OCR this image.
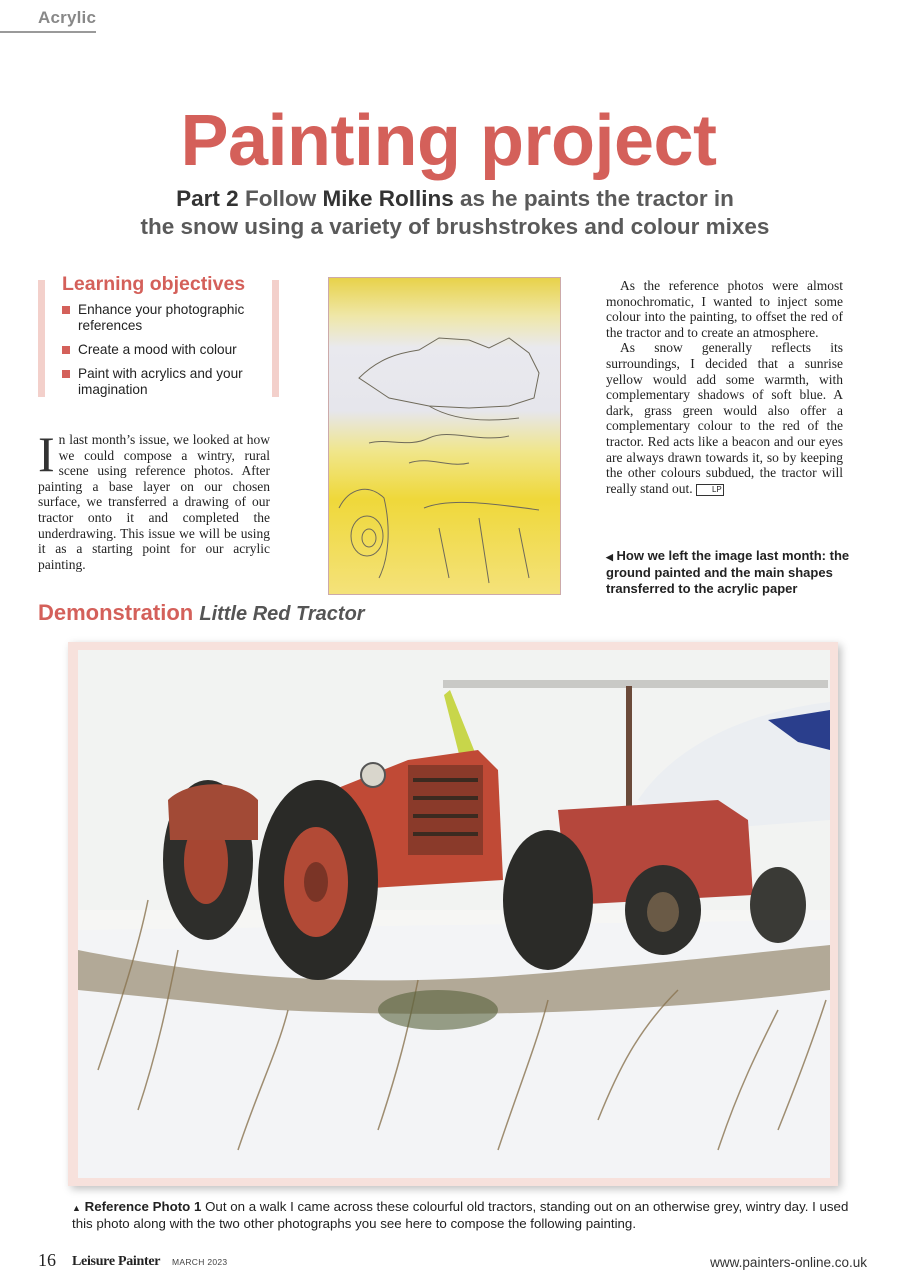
Acrylic
Painting project
Part 2 Follow Mike Rollins as he paints the tractor in
the snow using a variety of brushstrokes and colour mixes
Learning objectives
Enhance your photographic references
Create a mood with colour
Paint with acrylics and your imagination
In last month’s issue, we looked at how we could compose a wintry, rural scene using reference photos. After painting a base layer on our chosen surface, we transferred a drawing of our tractor onto it and completed the underdrawing. This issue we will be using it as a starting point for our acrylic painting.

As the reference photos were almost monochromatic, I wanted to inject some colour into the painting, to offset the red of the tractor and to create an atmosphere.

As snow generally reflects its surroundings, I decided that a sunrise yellow would add some warmth, with complementary shadows of soft blue. A dark, grass green would also offer a complementary colour to the red of the tractor. Red acts like a beacon and our eyes are always drawn towards it, so by keeping the other colours subdued, the tractor will really stand out. LP

◀ How we left the image last month: the ground painted and the main shapes transferred to the acrylic paper
Demonstration Little Red Tractor
▲ Reference Photo 1 Out on a walk I came across these colourful old tractors, standing out on an otherwise grey, wintry day. I used this photo along with the two other photographs you see here to compose the following painting.
16 Leisure Painter MARCH 2023	www.painters-online.co.uk
